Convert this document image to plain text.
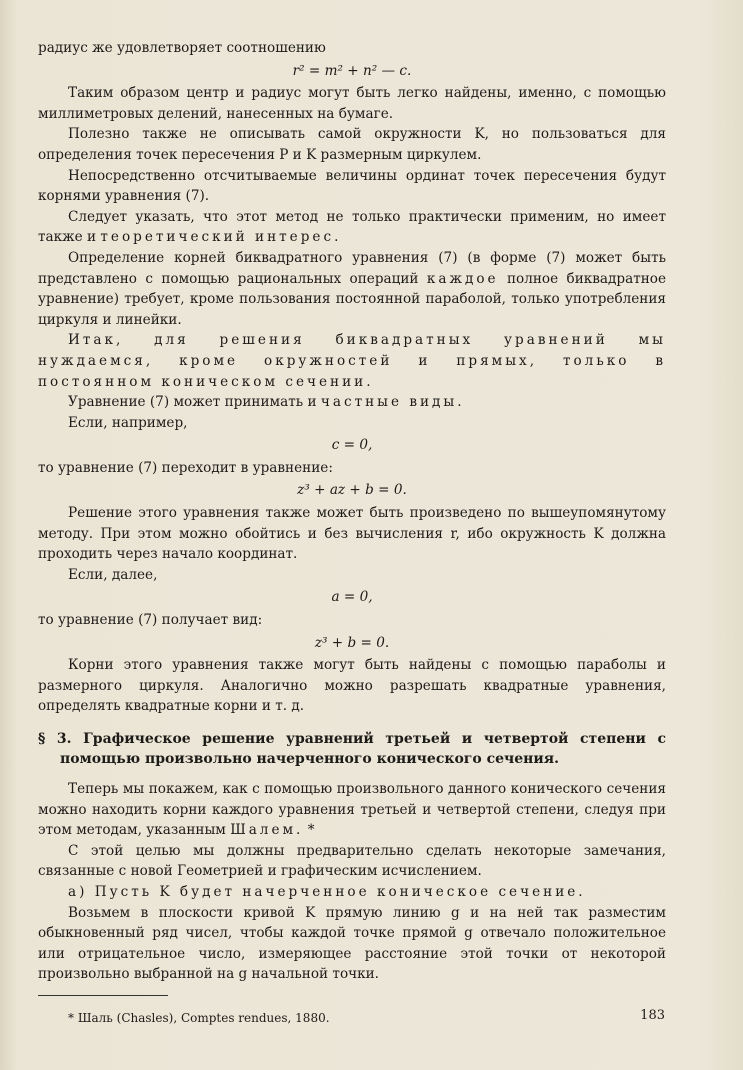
радиус же удовлетворяет соотношению

r² = m² + n² — c.

Таким образом центр и радиус могут быть легко найдены, именно, с помощью миллиметровых делений, нанесенных на бумаге.

Полезно также не описывать самой окружности K, но пользоваться для определения точек пересечения P и K размерным циркулем.

Непосредственно отсчитываемые величины ординат точек пересечения будут корнями уравнения (7).

Следует указать, что этот метод не только практически применим, но имеет также и теоретический интерес.

Определение корней биквадратного уравнения (7) (в форме (7) может быть представлено с помощью рациональных операций каждое полное биквадратное уравнение) требует, кроме пользования постоянной параболой, только употребления циркуля и линейки.

Итак, для решения биквадратных уравнений мы нуждаемся, кроме окружностей и прямых, только в постоянном коническом сечении.

Уравнение (7) может принимать и частные виды.

Если, например,

c = 0,

то уравнение (7) переходит в уравнение:

z³ + az + b = 0.

Решение этого уравнения также может быть произведено по вышеупомянутому методу. При этом можно обойтись и без вычисления r, ибо окружность K должна проходить через начало координат.

Если, далее,

a = 0,

то уравнение (7) получает вид:

z³ + b = 0.

Корни этого уравнения также могут быть найдены с помощью параболы и размерного циркуля. Аналогично можно разрешать квадратные уравнения, определять квадратные корни и т. д.

§ 3. Графическое решение уравнений третьей и четвертой степени с помощью произвольно начерченного конического сечения.

Теперь мы покажем, как с помощью произвольного данного конического сечения можно находить корни каждого уравнения третьей и четвертой степени, следуя при этом методам, указанным Шалем. *

С этой целью мы должны предварительно сделать некоторые замечания, связанные с новой Геометрией и графическим исчислением.

а) Пусть K будет начерченное коническое сечение.

Возьмем в плоскости кривой K прямую линию g и на ней так разместим обыкновенный ряд чисел, чтобы каждой точке прямой g отвечало положительное или отрицательное число, измеряющее расстояние этой точки от некоторой произвольно выбранной на g начальной точки.

* Шаль (Chasles), Comptes rendues, 1880.	183
